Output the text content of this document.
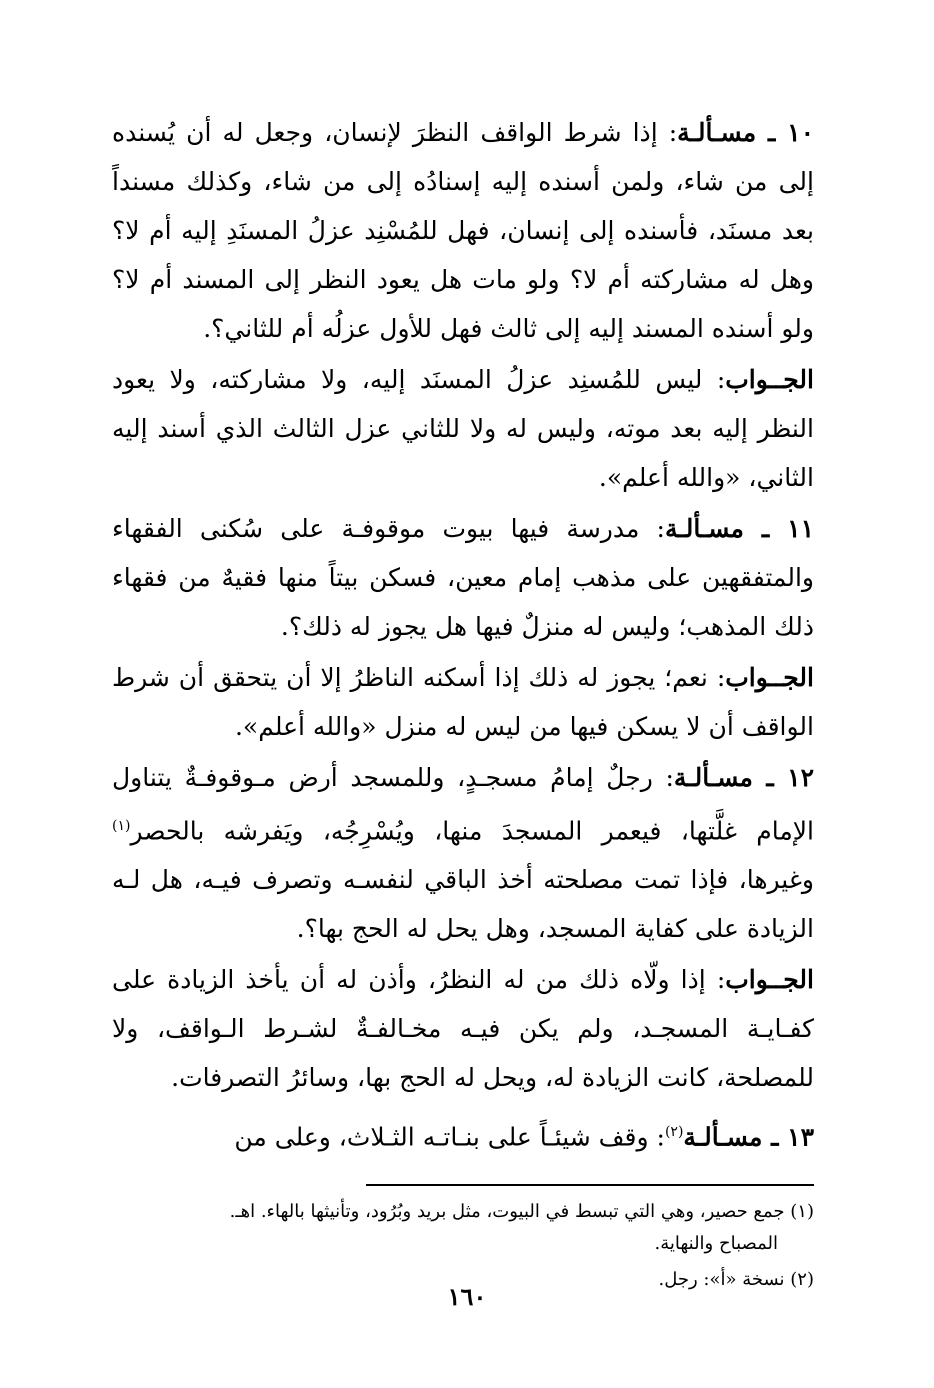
١٠ ـ مسـألـة: إذا شرط الواقف النظرَ لإنسان، وجعل له أن يُسنده إلى من شاء، ولمن أسنده إليه إسنادُه إلى من شاء، وكذلك مسنداً بعد مسنَد، فأسنده إلى إنسان، فهل للمُسْنِد عزلُ المسنَدِ إليه أم لا؟ وهل له مشاركته أم لا؟ ولو مات هل يعود النظر إلى المسند أم لا؟ ولو أسنده المسند إليه إلى ثالث فهل للأول عزلُه أم للثاني؟.

الجــواب: ليس للمُسنِد عزلُ المسنَد إليه، ولا مشاركته، ولا يعود النظر إليه بعد موته، وليس له ولا للثاني عزل الثالث الذي أسند إليه الثاني، «والله أعلم».

١١ ـ مسـألـة: مدرسة فيها بيوت موقوفـة على سُكنى الفقهاء والمتفقهين على مذهب إمام معين، فسكن بيتاً منها فقيهٌ من فقهاء ذلك المذهب؛ وليس له منزلٌ فيها هل يجوز له ذلك؟.

الجــواب: نعم؛ يجوز له ذلك إذا أسكنه الناظرُ إلا أن يتحقق أن شرط الواقف أن لا يسكن فيها من ليس له منزل «والله أعلم».

١٢ ـ مسـألـة: رجلٌ إمامُ مسجـدٍ، وللمسجد أرض مـوقوفـةٌ يتناول الإمام غلَّتها، فيعمر المسجدَ منها، ويُسْرِجُه، ويَفرشه بالحصر$^{(١)}$ وغيرها، فإذا تمت مصلحته أخذ الباقي لنفسـه وتصرف فيـه، هل لـه الزيادة على كفاية المسجد، وهل يحل له الحج بها؟.

الجــواب: إذا ولّاه ذلك من له النظرُ، وأذن له أن يأخذ الزيادة على كفـايـة المسجـد، ولم يكن فيـه مخـالفـةٌ لشـرط الـواقف، ولا للمصلحة، كانت الزيادة له، ويحل له الحج بها، وسائرُ التصرفات.

١٣ ـ مسـألـة$^{(٢)}$: وقف شيئـاً على بنـاتـه الثـلاث، وعلى من

(١) جمع حصير، وهي التي تبسط في البيوت، مثل بريد وبُرُود، وتأنيثها بالهاء. اهـ.

المصباح والنهاية.

(٢) نسخة «أ»: رجل.

١٦٠
